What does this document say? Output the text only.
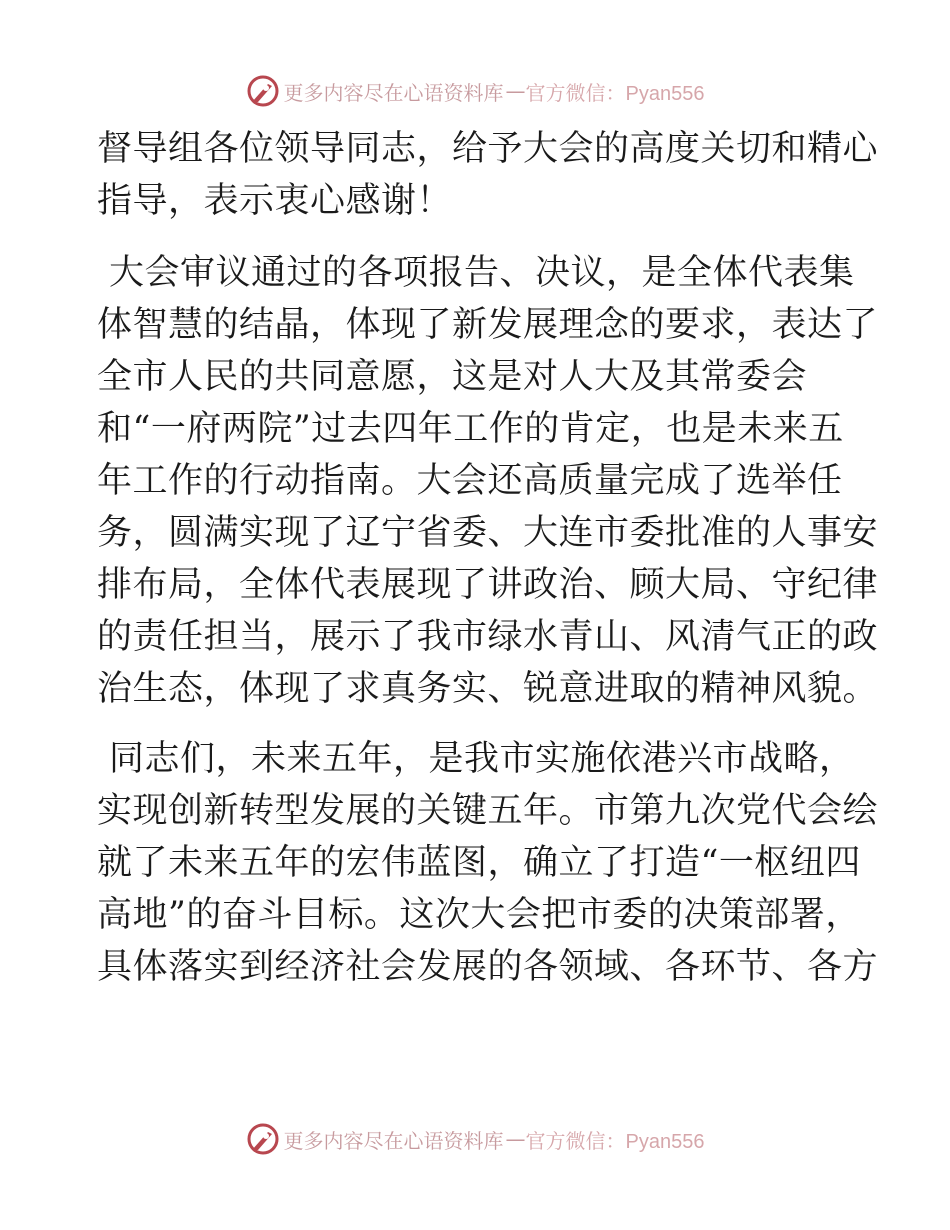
更多内容尽在心语资料库 — 官方微信：Pyan556
督导组各位领导同志，给予大会的高度关切和精心
指导，表示衷心感谢！
大会审议通过的各项报告、决议，是全体代表集
体智慧的结晶，体现了新发展理念的要求，表达了
全市人民的共同意愿，这是对人大及其常委会
和“一府两院”过去四年工作的肯定，也是未来五
年工作的行动指南。大会还高质量完成了选举任
务，圆满实现了辽宁省委、大连市委批准的人事安
排布局，全体代表展现了讲政治、顾大局、守纪律
的责任担当，展示了我市绿水青山、风清气正的政
治生态，体现了求真务实、锐意进取的精神风貌。
同志们，未来五年，是我市实施依港兴市战略，
实现创新转型发展的关键五年。市第九次党代会绘
就了未来五年的宏伟蓝图，确立了打造“一枢纽四
高地”的奋斗目标。这次大会把市委的决策部署，
具体落实到经济社会发展的各领域、各环节、各方
更多内容尽在心语资料库 — 官方微信：Pyan556
